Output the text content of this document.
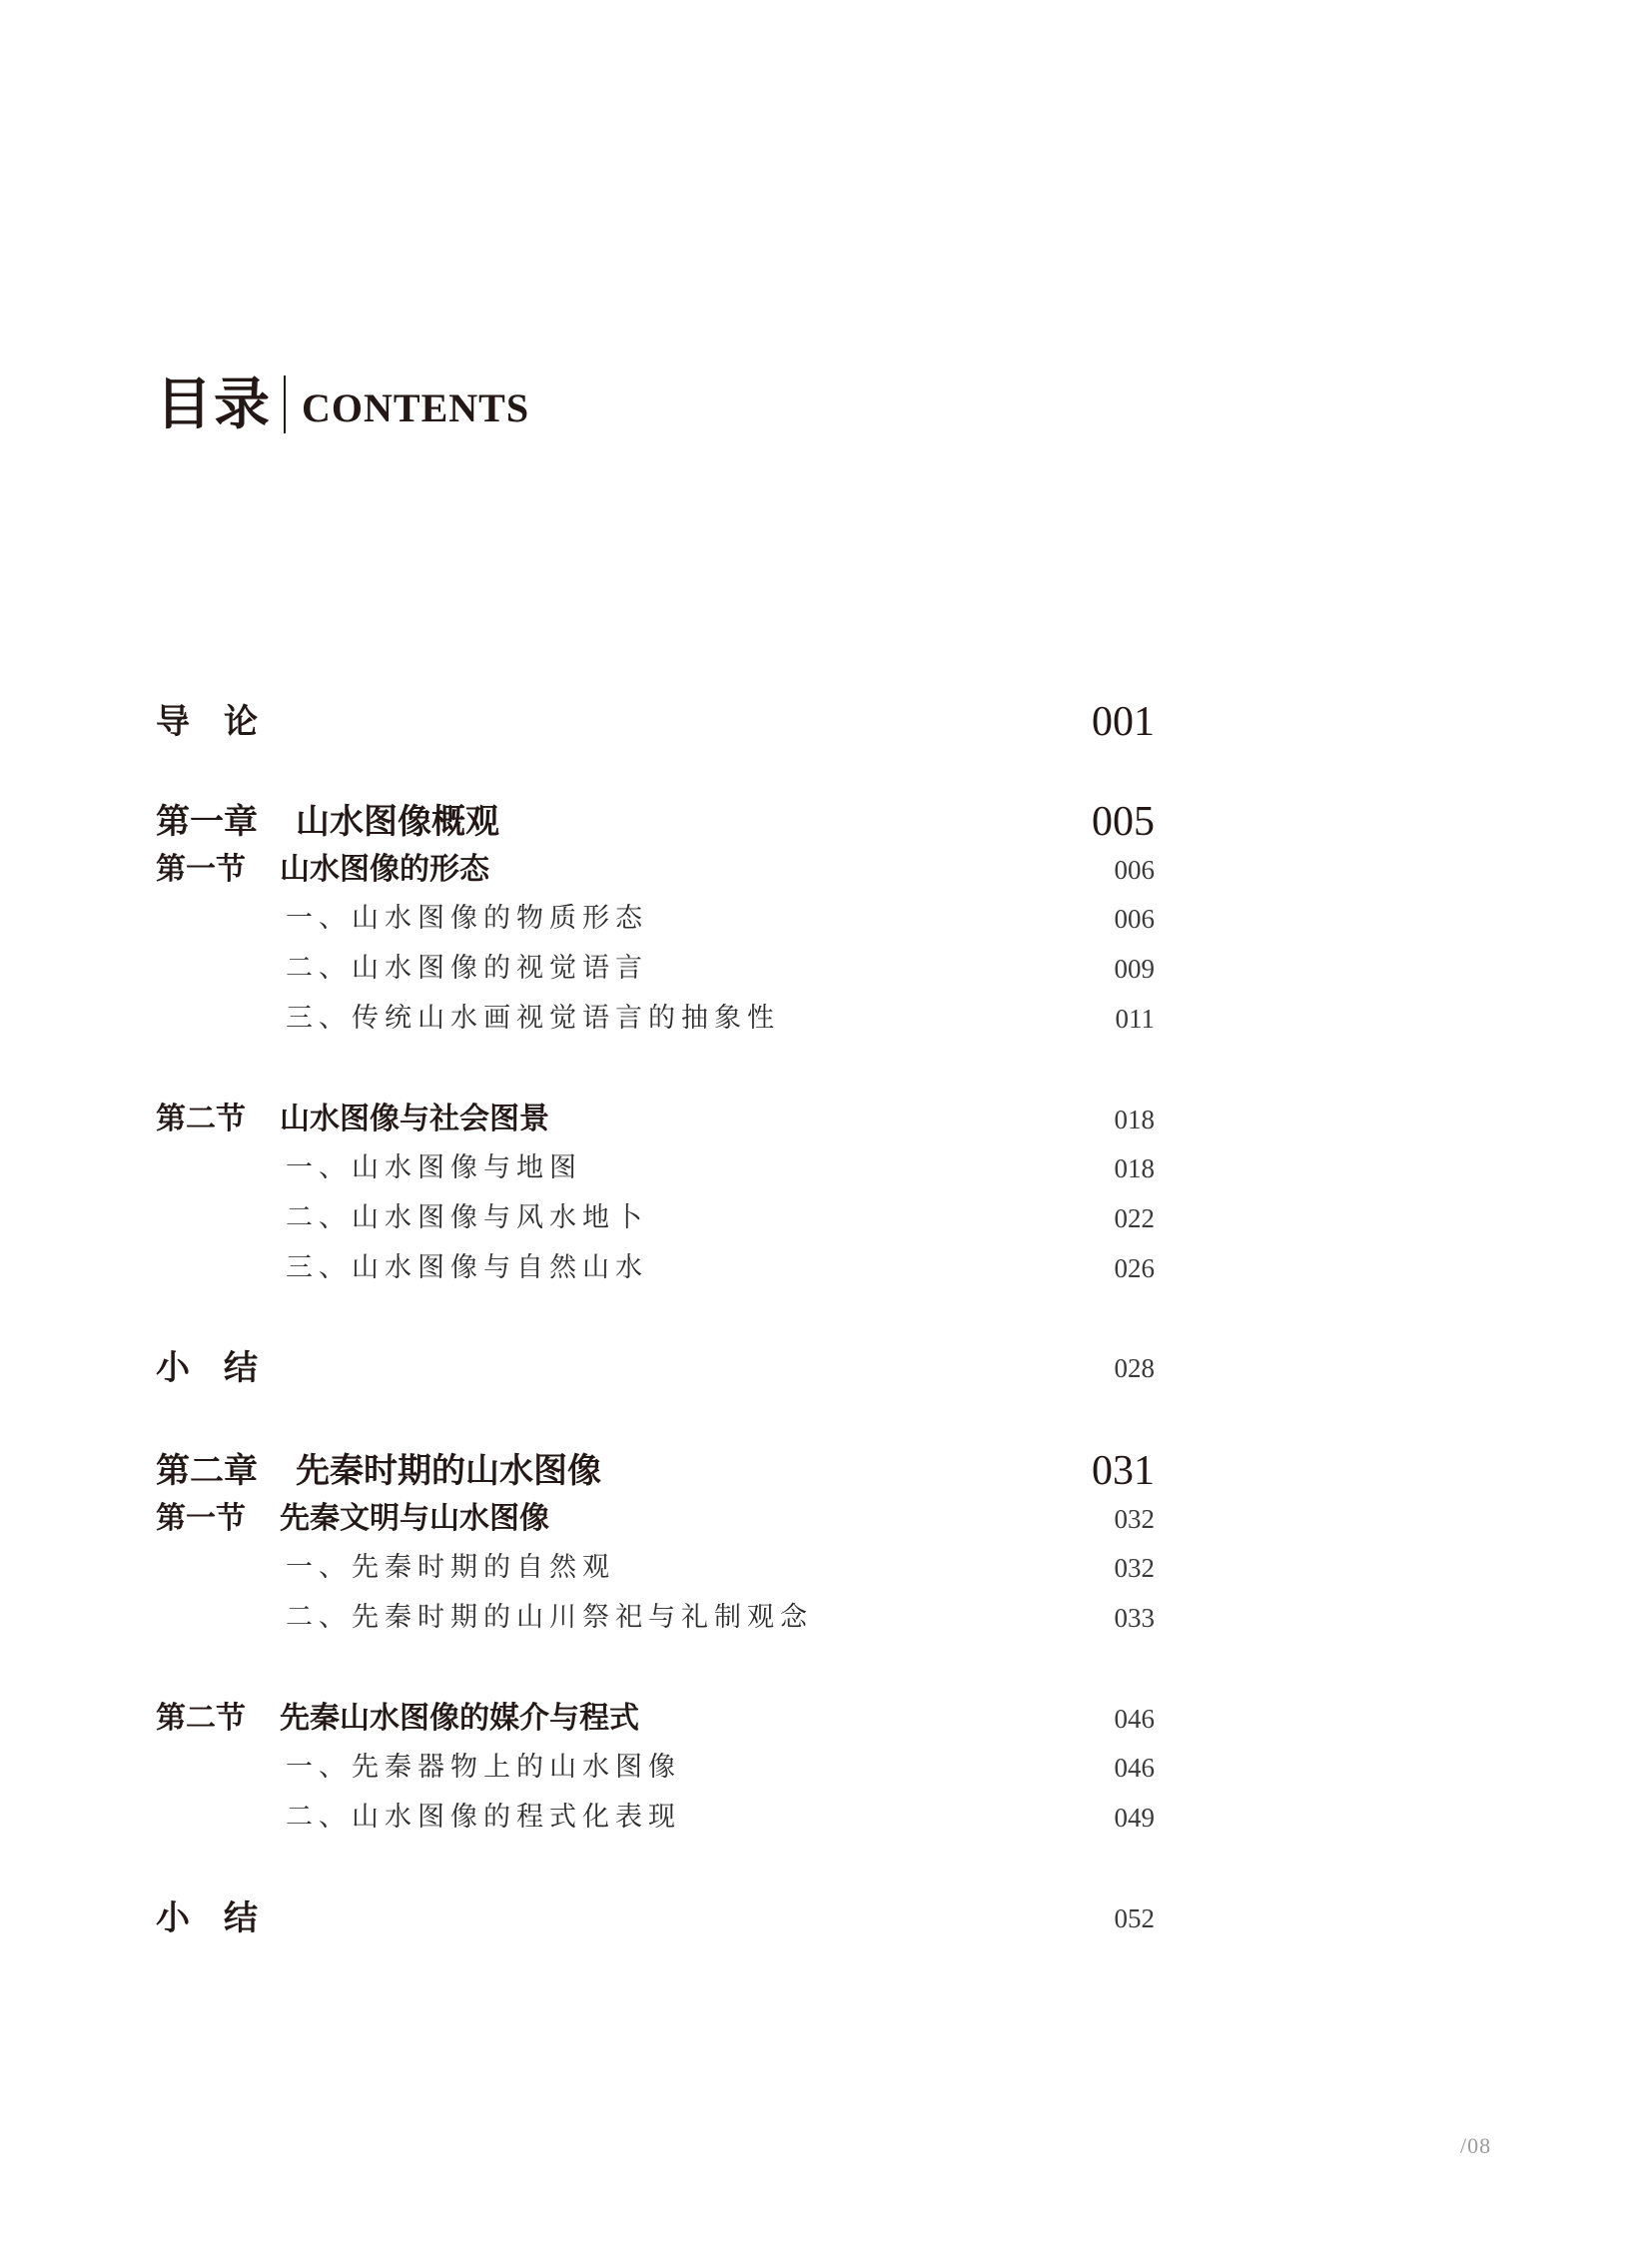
目录 CONTENTS
导论	001
第一章 山水图像概观	005
第一节 山水图像的形态	006
一、山水图像的物质形态	006
二、山水图像的视觉语言	009
三、传统山水画视觉语言的抽象性	011
第二节 山水图像与社会图景	018
一、山水图像与地图	018
二、山水图像与风水地卜	022
三、山水图像与自然山水	026
小结	028
第二章 先秦时期的山水图像	031
第一节 先秦文明与山水图像	032
一、先秦时期的自然观	032
二、先秦时期的山川祭祀与礼制观念	033
第二节 先秦山水图像的媒介与程式	046
一、先秦器物上的山水图像	046
二、山水图像的程式化表现	049
小结	052
/08
